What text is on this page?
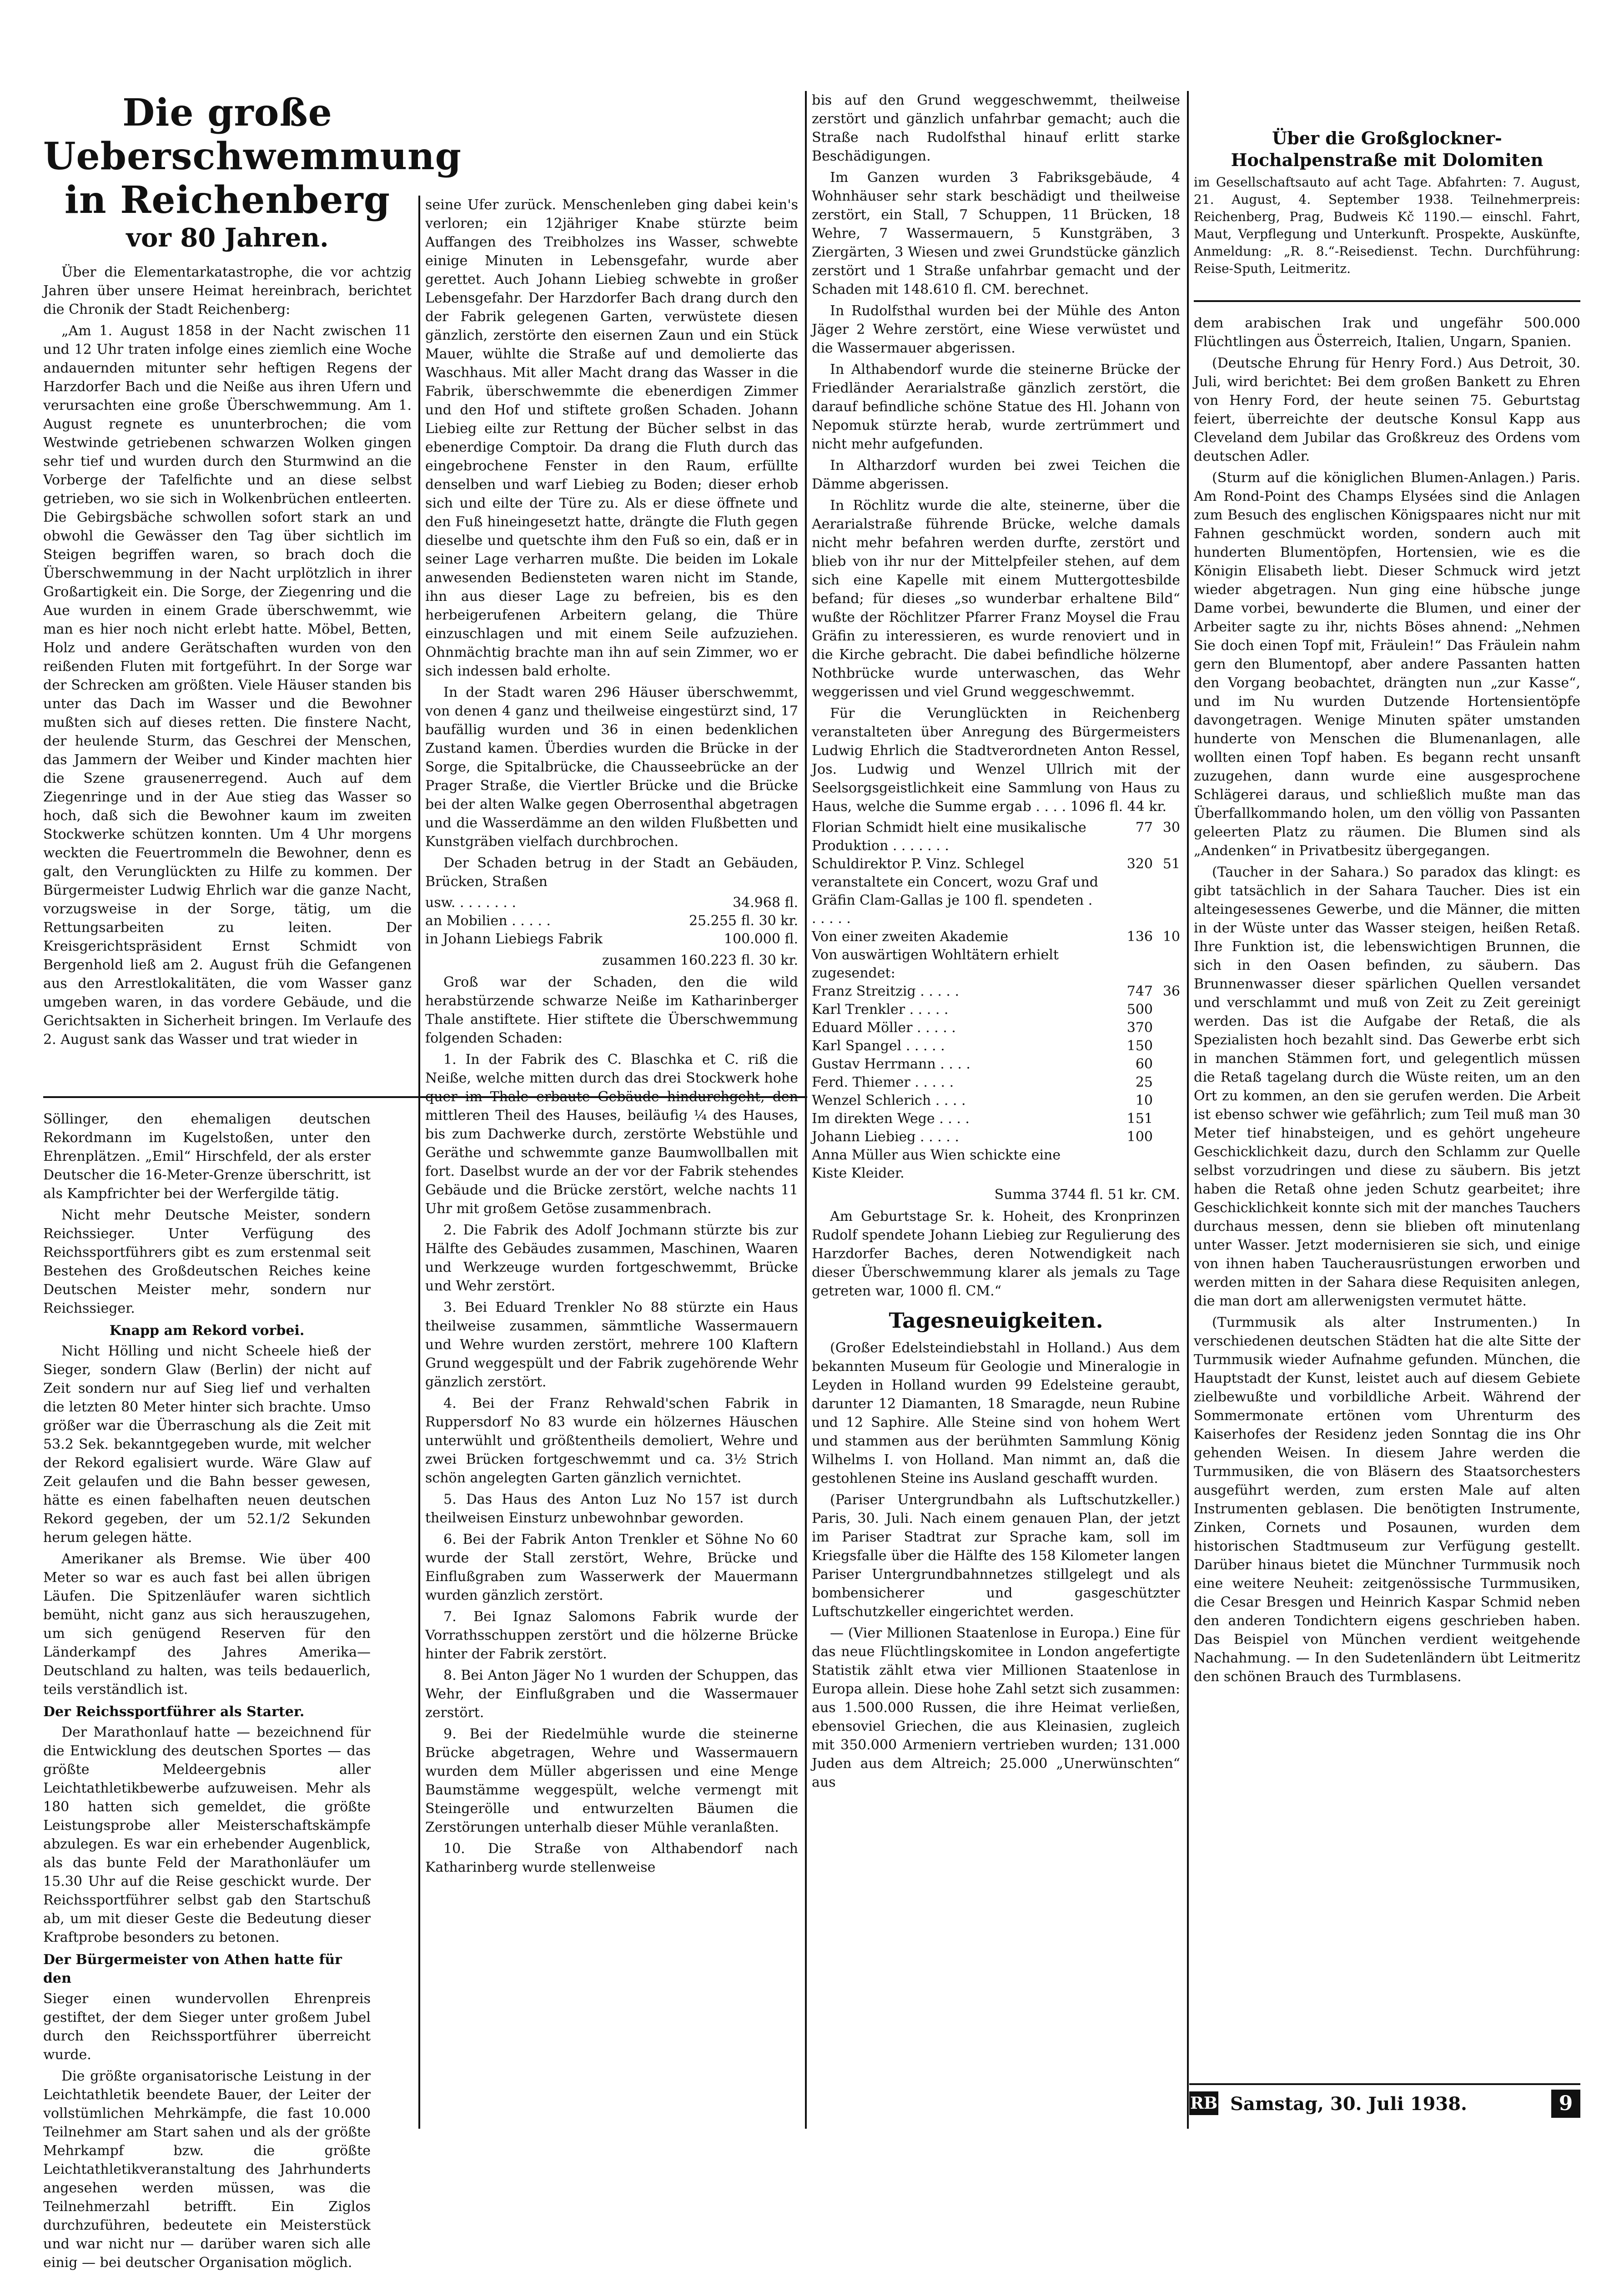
Die große Ueberschwemmung in Reichenberg
vor 80 Jahren.

Über die Elementarkatastrophe, die vor achtzig Jahren über unsere Heimat hereinbrach, berichtet die Chronik der Stadt Reichenberg:

„Am 1. August 1858 in der Nacht zwischen 11 und 12 Uhr traten infolge eines ziemlich eine Woche andauernden mitunter sehr heftigen Regens der Harzdorfer Bach und die Neiße aus ihren Ufern und verursachten eine große Überschwemmung. Am 1. August regnete es ununterbrochen; die vom Westwinde getriebenen schwarzen Wolken gingen sehr tief und wurden durch den Sturmwind an die Vorberge der Tafelfichte und an diese selbst getrieben, wo sie sich in Wolkenbrüchen entleerten. Die Gebirgsbäche schwollen sofort stark an und obwohl die Gewässer den Tag über sichtlich im Steigen begriffen waren, so brach doch die Überschwemmung in der Nacht urplötzlich in ihrer Großartigkeit ein. Die Sorge, der Ziegenring und die Aue wurden in einem Grade überschwemmt, wie man es hier noch nicht erlebt hatte. Möbel, Betten, Holz und andere Gerätschaften wurden von den reißenden Fluten mit fortgeführt. In der Sorge war der Schrecken am größten. Viele Häuser standen bis unter das Dach im Wasser und die Bewohner mußten sich auf dieses retten. Die finstere Nacht, der heulende Sturm, das Geschrei der Menschen, das Jammern der Weiber und Kinder machten hier die Szene grausenerregend. Auch auf dem Ziegenringe und in der Aue stieg das Wasser so hoch, daß sich die Bewohner kaum im zweiten Stockwerke schützen konnten. Um 4 Uhr morgens weckten die Feuertrommeln die Bewohner, denn es galt, den Verunglückten zu Hilfe zu kommen. Der Bürgermeister Ludwig Ehrlich war die ganze Nacht, vorzugsweise in der Sorge, tätig, um die Rettungsarbeiten zu leiten. Der Kreisgerichtspräsident Ernst Schmidt von Bergenhold ließ am 2. August früh die Gefangenen aus den Arrestlokalitäten, die vom Wasser ganz umgeben waren, in das vordere Gebäude, und die Gerichtsakten in Sicherheit bringen. Im Verlaufe des 2. August sank das Wasser und trat wieder in

Söllinger, den ehemaligen deutschen Rekordmann im Kugelstoßen, unter den Ehrenplätzen. „Emil“ Hirschfeld, der als erster Deutscher die 16-Meter-Grenze überschritt, ist als Kampfrichter bei der Werfergilde tätig.

Nicht mehr Deutsche Meister, sondern Reichssieger. Unter Verfügung des Reichssportführers gibt es zum erstenmal seit Bestehen des Großdeutschen Reiches keine Deutschen Meister mehr, sondern nur Reichssieger.

Knapp am Rekord vorbei.

Nicht Hölling und nicht Scheele hieß der Sieger, sondern Glaw (Berlin) der nicht auf Zeit sondern nur auf Sieg lief und verhalten die letzten 80 Meter hinter sich brachte. Umso größer war die Überraschung als die Zeit mit 53.2 Sek. bekanntgegeben wurde, mit welcher der Rekord egalisiert wurde. Wäre Glaw auf Zeit gelaufen und die Bahn besser gewesen, hätte es einen fabelhaften neuen deutschen Rekord gegeben, der um 52.1/2 Sekunden herum gelegen hätte.

Amerikaner als Bremse. Wie über 400 Meter so war es auch fast bei allen übrigen Läufen. Die Spitzenläufer waren sichtlich bemüht, nicht ganz aus sich herauszugehen, um sich genügend Reserven für den Länderkampf des Jahres Amerika—Deutschland zu halten, was teils bedauerlich, teils verständlich ist.

Der Reichssportführer als Starter.

Der Marathonlauf hatte — bezeichnend für die Entwicklung des deutschen Sportes — das größte Meldeergebnis aller Leichtathletikbewerbe aufzuweisen. Mehr als 180 hatten sich gemeldet, die größte Leistungsprobe aller Meisterschaftskämpfe abzulegen. Es war ein erhebender Augenblick, als das bunte Feld der Marathonläufer um 15.30 Uhr auf die Reise geschickt wurde. Der Reichssportführer selbst gab den Startschuß ab, um mit dieser Geste die Bedeutung dieser Kraftprobe besonders zu betonen.

Der Bürgermeister von Athen hatte für den

Sieger einen wundervollen Ehrenpreis gestiftet, der dem Sieger unter großem Jubel durch den Reichssportführer überreicht wurde.

Die größte organisatorische Leistung in der Leichtathletik beendete Bauer, der Leiter der vollstümlichen Mehrkämpfe, die fast 10.000 Teilnehmer am Start sahen und als der größte Mehrkampf bzw. die größte Leichtathletikveranstaltung des Jahrhunderts angesehen werden müssen, was die Teilnehmerzahl betrifft. Ein Ziglos durchzuführen, bedeutete ein Meisterstück und war nicht nur — darüber waren sich alle einig — bei deutscher Organisation möglich.

seine Ufer zurück. Menschenleben ging dabei kein's verloren; ein 12jähriger Knabe stürzte beim Auffangen des Treibholzes ins Wasser, schwebte einige Minuten in Lebensgefahr, wurde aber gerettet. Auch Johann Liebieg schwebte in großer Lebensgefahr. Der Harzdorfer Bach drang durch den der Fabrik gelegenen Garten, verwüstete diesen gänzlich, zerstörte den eisernen Zaun und ein Stück Mauer, wühlte die Straße auf und demolierte das Waschhaus. Mit aller Macht drang das Wasser in die Fabrik, überschwemmte die ebenerdigen Zimmer und den Hof und stiftete großen Schaden. Johann Liebieg eilte zur Rettung der Bücher selbst in das ebenerdige Comptoir. Da drang die Fluth durch das eingebrochene Fenster in den Raum, erfüllte denselben und warf Liebieg zu Boden; dieser erhob sich und eilte der Türe zu. Als er diese öffnete und den Fuß hineingesetzt hatte, drängte die Fluth gegen dieselbe und quetschte ihm den Fuß so ein, daß er in seiner Lage verharren mußte. Die beiden im Lokale anwesenden Bediensteten waren nicht im Stande, ihn aus dieser Lage zu befreien, bis es den herbeigerufenen Arbeitern gelang, die Thüre einzuschlagen und mit einem Seile aufzuziehen. Ohnmächtig brachte man ihn auf sein Zimmer, wo er sich indessen bald erholte.

In der Stadt waren 296 Häuser überschwemmt, von denen 4 ganz und theilweise eingestürzt sind, 17 baufällig wurden und 36 in einen bedenklichen Zustand kamen. Überdies wurden die Brücke in der Sorge, die Spitalbrücke, die Chausseebrücke an der Prager Straße, die Viertler Brücke und die Brücke bei der alten Walke gegen Oberrosenthal abgetragen und die Wasserdämme an den wilden Flußbetten und Kunstgräben vielfach durchbrochen.

Der Schaden betrug in der Stadt an Gebäuden, Brücken, Straßen

usw. . . . . . . .	34.968 fl.
an Mobilien . . . . .	25.255 fl. 30 kr.
in Johann Liebiegs Fabrik	100.000 fl.
zusammen 160.223 fl. 30 kr.

Groß war der Schaden, den die wild herabstürzende schwarze Neiße im Katharinberger Thale anstiftete. Hier stiftete die Überschwemmung folgenden Schaden:

1. In der Fabrik des C. Blaschka et C. riß die Neiße, welche mitten durch das drei Stockwerk hohe quer im Thale erbaute Gebäude hindurchgeht, den mittleren Theil des Hauses, beiläufig ¼ des Hauses, bis zum Dachwerke durch, zerstörte Webstühle und Geräthe und schwemmte ganze Baumwollballen mit fort. Daselbst wurde an der vor der Fabrik stehendes Gebäude und die Brücke zerstört, welche nachts 11 Uhr mit großem Getöse zusammenbrach.

2. Die Fabrik des Adolf Jochmann stürzte bis zur Hälfte des Gebäudes zusammen, Maschinen, Waaren und Werkzeuge wurden fortgeschwemmt, Brücke und Wehr zerstört.

3. Bei Eduard Trenkler No 88 stürzte ein Haus theilweise zusammen, sämmtliche Wassermauern und Wehre wurden zerstört, mehrere 100 Klaftern Grund weggespült und der Fabrik zugehörende Wehr gänzlich zerstört.

4. Bei der Franz Rehwald'schen Fabrik in Ruppersdorf No 83 wurde ein hölzernes Häuschen unterwühlt und größtentheils demoliert, Wehre und zwei Brücken fortgeschwemmt und ca. 3½ Strich schön angelegten Garten gänzlich vernichtet.

5. Das Haus des Anton Luz No 157 ist durch theilweisen Einsturz unbewohnbar geworden.

6. Bei der Fabrik Anton Trenkler et Söhne No 60 wurde der Stall zerstört, Wehre, Brücke und Einflußgraben zum Wasserwerk der Mauermann wurden gänzlich zerstört.

7. Bei Ignaz Salomons Fabrik wurde der Vorrathsschuppen zerstört und die hölzerne Brücke hinter der Fabrik zerstört.

8. Bei Anton Jäger No 1 wurden der Schuppen, das Wehr, der Einflußgraben und die Wassermauer zerstört.

9. Bei der Riedelmühle wurde die steinerne Brücke abgetragen, Wehre und Wassermauern wurden dem Müller abgerissen und eine Menge Baumstämme weggespült, welche vermengt mit Steingerölle und entwurzelten Bäumen die Zerstörungen unterhalb dieser Mühle veranlaßten.

10. Die Straße von Althabendorf nach Katharinberg wurde stellenweise

bis auf den Grund weggeschwemmt, theilweise zerstört und gänzlich unfahrbar gemacht; auch die Straße nach Rudolfsthal hinauf erlitt starke Beschädigungen.

Im Ganzen wurden 3 Fabriksgebäude, 4 Wohnhäuser sehr stark beschädigt und theilweise zerstört, ein Stall, 7 Schuppen, 11 Brücken, 18 Wehre, 7 Wassermauern, 5 Kunstgräben, 3 Ziergärten, 3 Wiesen und zwei Grundstücke gänzlich zerstört und 1 Straße unfahrbar gemacht und der Schaden mit 148.610 fl. CM. berechnet.

In Rudolfsthal wurden bei der Mühle des Anton Jäger 2 Wehre zerstört, eine Wiese verwüstet und die Wassermauer abgerissen.

In Althabendorf wurde die steinerne Brücke der Friedländer Aerarialstraße gänzlich zerstört, die darauf befindliche schöne Statue des Hl. Johann von Nepomuk stürzte herab, wurde zertrümmert und nicht mehr aufgefunden.

In Altharzdorf wurden bei zwei Teichen die Dämme abgerissen.

In Röchlitz wurde die alte, steinerne, über die Aerarialstraße führende Brücke, welche damals nicht mehr befahren werden durfte, zerstört und blieb von ihr nur der Mittelpfeiler stehen, auf dem sich eine Kapelle mit einem Muttergottesbilde befand; für dieses „so wunderbar erhaltene Bild“ wußte der Röchlitzer Pfarrer Franz Moysel die Frau Gräfin zu interessieren, es wurde renoviert und in die Kirche gebracht. Die dabei befindliche hölzerne Nothbrücke wurde unterwaschen, das Wehr weggerissen und viel Grund weggeschwemmt.

Für die Verunglückten in Reichenberg veranstalteten über Anregung des Bürgermeisters Ludwig Ehrlich die Stadtverordneten Anton Ressel, Jos. Ludwig und Wenzel Ullrich mit der Seelsorgsgeistlichkeit eine Sammlung von Haus zu Haus, welche die Summe ergab . . . . 1096 fl. 44 kr.

Florian Schmidt hielt eine musikalische Produktion . . . . . . .	77	30
Schuldirektor P. Vinz. Schlegel veranstaltete ein Concert, wozu Graf und Gräfin Clam-Gallas je 100 fl. spendeten . . . . . .	320	51
Von einer zweiten Akademie	136	10
Von auswärtigen Wohltätern erhielt zugesendet:		
Franz Streitzig . . . . .	747	36
Karl Trenkler . . . . .	500	
Eduard Möller . . . . .	370	
Karl Spangel . . . . .	150	
Gustav Herrmann . . . .	60	
Ferd. Thiemer . . . . .	25	
Wenzel Schlerich . . . .	10	
Im direkten Wege . . . .	151	
Johann Liebieg . . . . .	100	
Anna Müller aus Wien schickte eine Kiste Kleider.		
Summa 3744 fl. 51 kr. CM.

Am Geburtstage Sr. k. Hoheit, des Kronprinzen Rudolf spendete Johann Liebieg zur Regulierung des Harzdorfer Baches, deren Notwendigkeit nach dieser Überschwemmung klarer als jemals zu Tage getreten war, 1000 fl. CM.“

Tagesneuigkeiten.

(Großer Edelsteindiebstahl in Holland.) Aus dem bekannten Museum für Geologie und Mineralogie in Leyden in Holland wurden 99 Edelsteine geraubt, darunter 12 Diamanten, 18 Smaragde, neun Rubine und 12 Saphire. Alle Steine sind von hohem Wert und stammen aus der berühmten Sammlung König Wilhelms I. von Holland. Man nimmt an, daß die gestohlenen Steine ins Ausland geschafft wurden.

(Pariser Untergrundbahn als Luftschutzkeller.) Paris, 30. Juli. Nach einem genauen Plan, der jetzt im Pariser Stadtrat zur Sprache kam, soll im Kriegsfalle über die Hälfte des 158 Kilometer langen Pariser Untergrundbahnnetzes stillgelegt und als bombensicherer und gasgeschützter Luftschutzkeller eingerichtet werden.

— (Vier Millionen Staatenlose in Europa.) Eine für das neue Flüchtlingskomitee in London angefertigte Statistik zählt etwa vier Millionen Staatenlose in Europa allein. Diese hohe Zahl setzt sich zusammen: aus 1.500.000 Russen, die ihre Heimat verließen, ebensoviel Griechen, die aus Kleinasien, zugleich mit 350.000 Armeniern vertrieben wurden; 131.000 Juden aus dem Altreich; 25.000 „Unerwünschten“ aus

Über die Großglockner-Hochalpenstraße mit Dolomiten

im Gesellschaftsauto auf acht Tage. Abfahrten: 7. August, 21. August, 4. September 1938. Teilnehmerpreis: Reichenberg, Prag, Budweis Kč 1190.— einschl. Fahrt, Maut, Verpflegung und Unterkunft. Prospekte, Auskünfte, Anmeldung: „R. 8.“-Reisedienst. Techn. Durchführung: Reise-Sputh, Leitmeritz.

dem arabischen Irak und ungefähr 500.000 Flüchtlingen aus Österreich, Italien, Ungarn, Spanien.

(Deutsche Ehrung für Henry Ford.) Aus Detroit, 30. Juli, wird berichtet: Bei dem großen Bankett zu Ehren von Henry Ford, der heute seinen 75. Geburtstag feiert, überreichte der deutsche Konsul Kapp aus Cleveland dem Jubilar das Großkreuz des Ordens vom deutschen Adler.

(Sturm auf die königlichen Blumen-Anlagen.) Paris. Am Rond-Point des Champs Elysées sind die Anlagen zum Besuch des englischen Königspaares nicht nur mit Fahnen geschmückt worden, sondern auch mit hunderten Blumentöpfen, Hortensien, wie es die Königin Elisabeth liebt. Dieser Schmuck wird jetzt wieder abgetragen. Nun ging eine hübsche junge Dame vorbei, bewunderte die Blumen, und einer der Arbeiter sagte zu ihr, nichts Böses ahnend: „Nehmen Sie doch einen Topf mit, Fräulein!“ Das Fräulein nahm gern den Blumentopf, aber andere Passanten hatten den Vorgang beobachtet, drängten nun „zur Kasse“, und im Nu wurden Dutzende Hortensientöpfe davongetragen. Wenige Minuten später umstanden hunderte von Menschen die Blumenanlagen, alle wollten einen Topf haben. Es begann recht unsanft zuzugehen, dann wurde eine ausgesprochene Schlägerei daraus, und schließlich mußte man das Überfallkommando holen, um den völlig von Passanten geleerten Platz zu räumen. Die Blumen sind als „Andenken“ in Privatbesitz übergegangen.

(Taucher in der Sahara.) So paradox das klingt: es gibt tatsächlich in der Sahara Taucher. Dies ist ein alteingesessenes Gewerbe, und die Männer, die mitten in der Wüste unter das Wasser steigen, heißen Retaß. Ihre Funktion ist, die lebenswichtigen Brunnen, die sich in den Oasen befinden, zu säubern. Das Brunnenwasser dieser spärlichen Quellen versandet und verschlammt und muß von Zeit zu Zeit gereinigt werden. Das ist die Aufgabe der Retaß, die als Spezialisten hoch bezahlt sind. Das Gewerbe erbt sich in manchen Stämmen fort, und gelegentlich müssen die Retaß tagelang durch die Wüste reiten, um an den Ort zu kommen, an den sie gerufen werden. Die Arbeit ist ebenso schwer wie gefährlich; zum Teil muß man 30 Meter tief hinabsteigen, und es gehört ungeheure Geschicklichkeit dazu, durch den Schlamm zur Quelle selbst vorzudringen und diese zu säubern. Bis jetzt haben die Retaß ohne jeden Schutz gearbeitet; ihre Geschicklichkeit konnte sich mit der manches Tauchers durchaus messen, denn sie blieben oft minutenlang unter Wasser. Jetzt modernisieren sie sich, und einige von ihnen haben Taucherausrüstungen erworben und werden mitten in der Sahara diese Requisiten anlegen, die man dort am allerwenigsten vermutet hätte.

(Turmmusik als alter Instrumenten.) In verschiedenen deutschen Städten hat die alte Sitte der Turmmusik wieder Aufnahme gefunden. München, die Hauptstadt der Kunst, leistet auch auf diesem Gebiete zielbewußte und vorbildliche Arbeit. Während der Sommermonate ertönen vom Uhrenturm des Kaiserhofes der Residenz jeden Sonntag die ins Ohr gehenden Weisen. In diesem Jahre werden die Turmmusiken, die von Bläsern des Staatsorchesters ausgeführt werden, zum ersten Male auf alten Instrumenten geblasen. Die benötigten Instrumente, Zinken, Cornets und Posaunen, wurden dem historischen Stadtmuseum zur Verfügung gestellt. Darüber hinaus bietet die Münchner Turmmusik noch eine weitere Neuheit: zeitgenössische Turmmusiken, die Cesar Bresgen und Heinrich Kaspar Schmid neben den anderen Tondichtern eigens geschrieben haben. Das Beispiel von München verdient weitgehende Nachahmung. — In den Sudetenländern übt Leitmeritz den schönen Brauch des Turmblasens.

RB Samstag, 30. Juli 1938.	9
